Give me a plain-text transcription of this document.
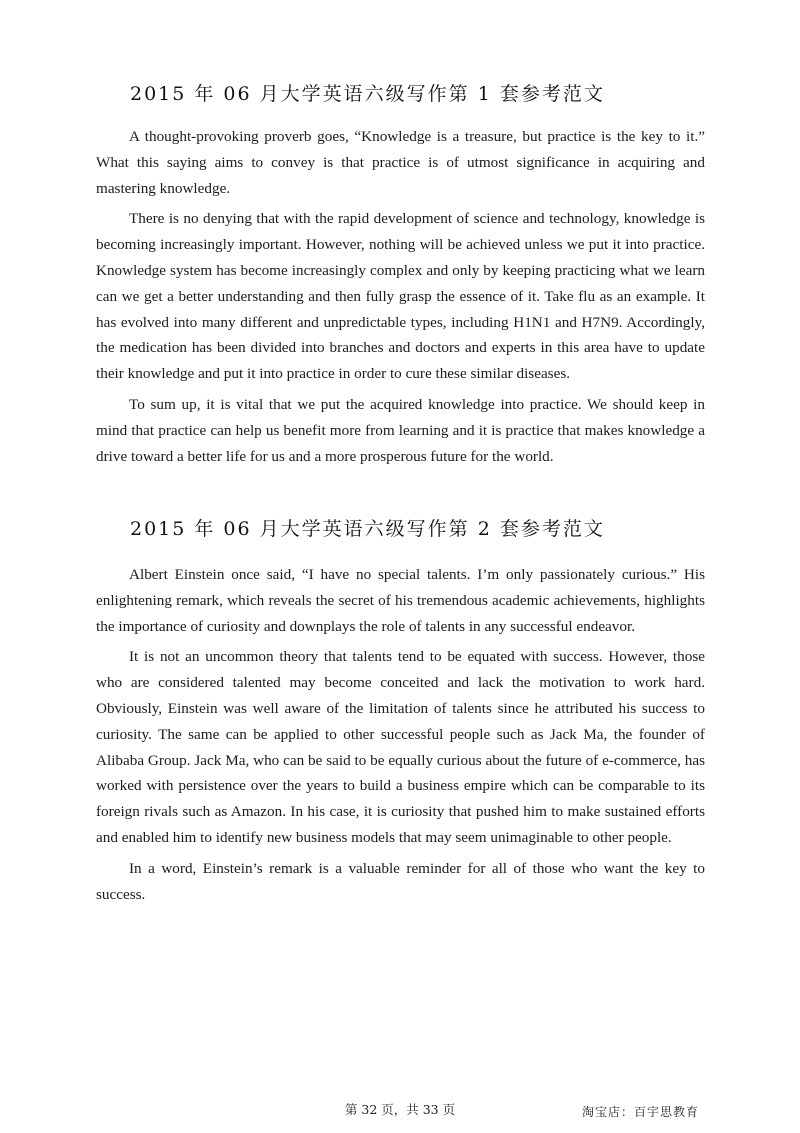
2015 年 06 月大学英语六级写作第 1 套参考范文

A thought-provoking proverb goes, “Knowledge is a treasure, but practice is the key to it.” What this saying aims to convey is that practice is of utmost significance in acquiring and mastering knowledge.

There is no denying that with the rapid development of science and technology, knowledge is becoming increasingly important. However, nothing will be achieved unless we put it into practice. Knowledge system has become increasingly complex and only by keeping practicing what we learn can we get a better understanding and then fully grasp the essence of it. Take flu as an example. It has evolved into many different and unpredictable types, including H1N1 and H7N9. Accordingly, the medication has been divided into branches and doctors and experts in this area have to update their knowledge and put it into practice in order to cure these similar diseases.

To sum up, it is vital that we put the acquired knowledge into practice. We should keep in mind that practice can help us benefit more from learning and it is practice that makes knowledge a drive toward a better life for us and a more prosperous future for the world.

2015 年 06 月大学英语六级写作第 2 套参考范文

Albert Einstein once said, “I have no special talents. I’m only passionately curious.” His enlightening remark, which reveals the secret of his tremendous academic achievements, highlights the importance of curiosity and downplays the role of talents in any successful endeavor.

It is not an uncommon theory that talents tend to be equated with success. However, those who are considered talented may become conceited and lack the motivation to work hard. Obviously, Einstein was well aware of the limitation of talents since he attributed his success to curiosity. The same can be applied to other successful people such as Jack Ma, the founder of Alibaba Group. Jack Ma, who can be said to be equally curious about the future of e-commerce, has worked with persistence over the years to build a business empire which can be comparable to its foreign rivals such as Amazon. In his case, it is curiosity that pushed him to make sustained efforts and enabled him to identify new business models that may seem unimaginable to other people.

In a word, Einstein’s remark is a valuable reminder for all of those who want the key to success.

第 32 页，共 33 页	淘宝店：百宇思教育
